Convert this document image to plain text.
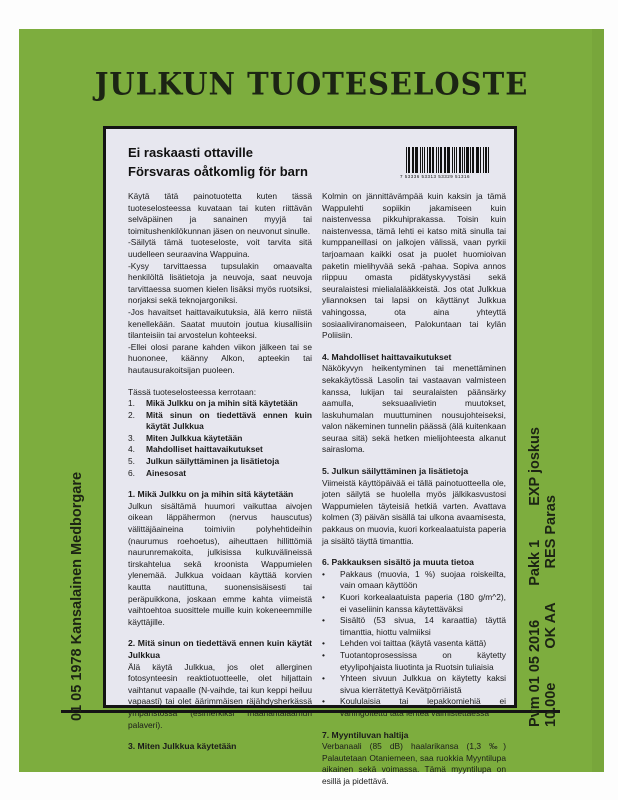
JULKUN TUOTESELOSTE
Ei raskaasti ottaville
Försvaras oåtkomlig för barn	7 53336 53313 53329 51316

Käytä tätä painotuotetta kuten tässä tuoteselosteessa kuvataan tai kuten riittävän selväpäinen ja sanainen myyjä tai toimitushenkilökunnan jäsen on neuvonut sinulle.

-Säilytä tämä tuoteseloste, voit tarvita sitä uudelleen seuraavina Wappuina.

-Kysy tarvittaessa tupsulakin omaavalta henkilöltä lisätietoja ja neuvoja, saat neuvoja tarvittaessa suomen kielen lisäksi myös ruotsiksi, norjaksi sekä teknojargoniksi.

-Jos havaitset haittavaikutuksia, älä kerro niistä kenellekään. Saatat muutoin joutua kiusallisiin tilanteisiin tai arvostelun kohteeksi.

-Ellei olosi parane kahden viikon jälkeen tai se huononee, käänny Alkon, apteekin tai hautausurakoitsijan puoleen.

Tässä tuoteselosteessa kerrotaan:

1.	Mikä Julkku on ja mihin sitä käytetään
2.	Mitä sinun on tiedettävä ennen kuin käytät Julkkua
3.	Miten Julkkua käytetään
4.	Mahdolliset haittavaikutukset
5.	Julkun säilyttäminen ja lisätietoja
6.	Ainesosat
1. Mikä Julkku on ja mihin sitä käytetään

Julkun sisältämä huumori vaikuttaa aivojen oikean läppähermon (nervus hauscutus) välittäjäaineina toimiviin polyhehtideihin (naurumus roehoetus), aiheuttaen hillittömiä naurunremakoita, julkisissa kulkuvälineissä tirskahtelua sekä kroonista Wappumielen ylenemää. Julkkua voidaan käyttää korvien kautta nautittuna, suonensisäisesti tai peräpuikkona, joskaan emme kahta viimeistä vaihtoehtoa suosittele muille kuin kokeneemmille käyttäjille.

2. Mitä sinun on tiedettävä ennen kuin käytät Julkkua

Älä käytä Julkkua, jos olet allerginen fotosynteesin reaktiotuotteelle, olet hiljattain vaihtanut vapaalle (N-vaihde, tai kun keppi heiluu vapaasti) tai olet äärimmäisen räjähdysherkässä palaveri).

3. Miten Julkkua käytetään

Kolmin on jännittävämpää kuin kaksin ja tämä Wappulehti sopiikin jakamiseen kuin naistenvessa pikkuhiprakassa. Toisin kuin naistenvessa, tämä lehti ei katso mitä sinulla tai kumppaneillasi on jalkojen välissä, vaan pyrkii tarjoamaan kaikki osat ja puolet huomioivan paketin mielihyvää sekä -pahaa. Sopiva annos riippuu omasta pidätyskyvystäsi sekä seuralaistesi mielialalääkkeistä. Jos otat Julkkua yliannoksen tai lapsi on käyttänyt Julkkua vahingossa, ota aina yhteyttä sosiaaliviranomaiseen, Palokuntaan tai kylän Poliisiin.

4. Mahdolliset haittavaikutukset

Näkökyvyn heikentyminen tai menettäminen sekakäytössä Lasolin tai vastaavan valmisteen kanssa, lukijan tai seuralaisten päänsärky aamulla, seksuaalivietin muutokset, laskuhumalan muuttuminen nousujohteiseksi, valon näkeminen tunnelin päässä (älä kuitenkaan seuraa sitä) sekä hetken mielijohteesta alkanut sairasloma.

5. Julkun säilyttäminen ja lisätietoja

Viimeistä käyttöpäivää ei tällä painotuotteella ole, joten säilytä se huolella myös jälkikasvustosi Wappumielen täyteisiä hetkiä varten. Avattava kolmen (3) päivän sisällä tai ulkona avaamisesta, pakkaus on muovia, kuori korkealaatuista paperia ja sisältö täyttä timanttia.

6. Pakkauksen sisältö ja muuta tietoa
•	Pakkaus (muovia, 1 %) suojaa roiskeilta, vain omaan käyttöön
•	Kuori korkealaatuista paperia (180 g/m^2), ei vaseliinin kanssa käytettäväksi
•	Sisältö (53 sivua, 14 karaattia) täyttä timanttia, hiottu valmiiksi
•	Lehden voi taittaa (käytä vasenta kättä)
•	Tuotantoprosessissa on käytetty etyylipohjaista liuotinta ja Ruotsin tuliaisia
•	Yhteen sivuun Julkkua on käytetty kaksi sivua kierrätettyä Kevätpörriäistä
•	Koululaisia tai lepakkomiehiä ei
7. Myyntiluvan haltija

Verbanaali (85 dB) haalarikansa (1,3 ‰) Palautetaan Otaniemeen, saa ruokkia Myyntilupa aikainen sekä voimassa. Tämä myyntilupa on esillä ja pidettävä.

01 05 1978 Kansalainen Medborgare	Pvm 01 05 2016Pakk 1EXP joskus
10.00eOK AARES Paras
